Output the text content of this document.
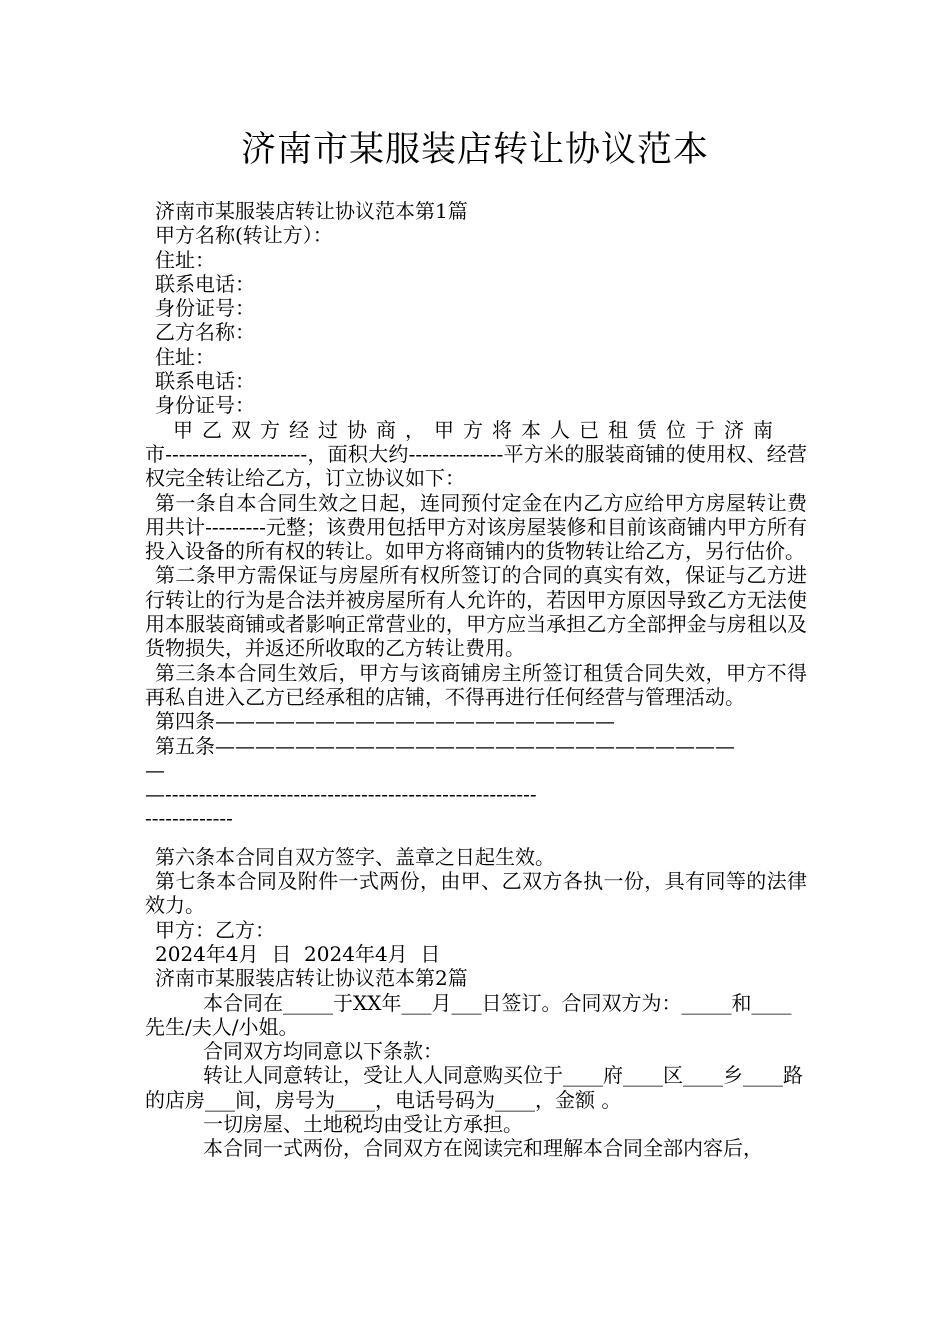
济南市某服装店转让协议范本

济南市某服装店转让协议范本第1篇

甲方名称(转让方）：

住址：

联系电话：

身份证号：

乙方名称：

住址：

联系电话：

身份证号：

甲乙双方经过协商，甲方将本人已租赁位于济南

市---------------------，面积大约--------------平方米的服装商铺的使用权、经营权完全转让给乙方，订立协议如下：

第一条自本合同生效之日起，连同预付定金在内乙方应给甲方房屋转让费用共计---------元整；该费用包括甲方对该房屋装修和目前该商铺内甲方所有投入设备的所有权的转让。如甲方将商铺内的货物转让给乙方，另行估价。

第二条甲方需保证与房屋所有权所签订的合同的真实有效，保证与乙方进行转让的行为是合法并被房屋所有人允许的，若因甲方原因导致乙方无法使用本服装商铺或者影响正常营业的，甲方应当承担乙方全部押金与房租以及货物损失，并返还所收取的乙方转让费用。

第三条本合同生效后，甲方与该商铺房主所签订租赁合同失效，甲方不得再私自进入乙方已经承租的店铺，不得再进行任何经营与管理活动。

第四条————————————————————

第五条——————————————————————————

—

—-------------------------------------------------------

-------------

第六条本合同自双方签字、盖章之日起生效。

第七条本合同及附件一式两份，由甲、乙双方各执一份，具有同等的法律效力。

甲方：乙方：

2024年4月  日  2024年4月  日

济南市某服装店转让协议范本第2篇

本合同在_____于XX年___月___日签订。合同双方为：_____和____先生/夫人/小姐。

合同双方均同意以下条款：

转让人同意转让，受让人人同意购买位于____府____区____乡____路的店房___间，房号为____，电话号码为____，金额 。

一切房屋、土地税均由受让方承担。

本合同一式两份，合同双方在阅读完和理解本合同全部内容后，
